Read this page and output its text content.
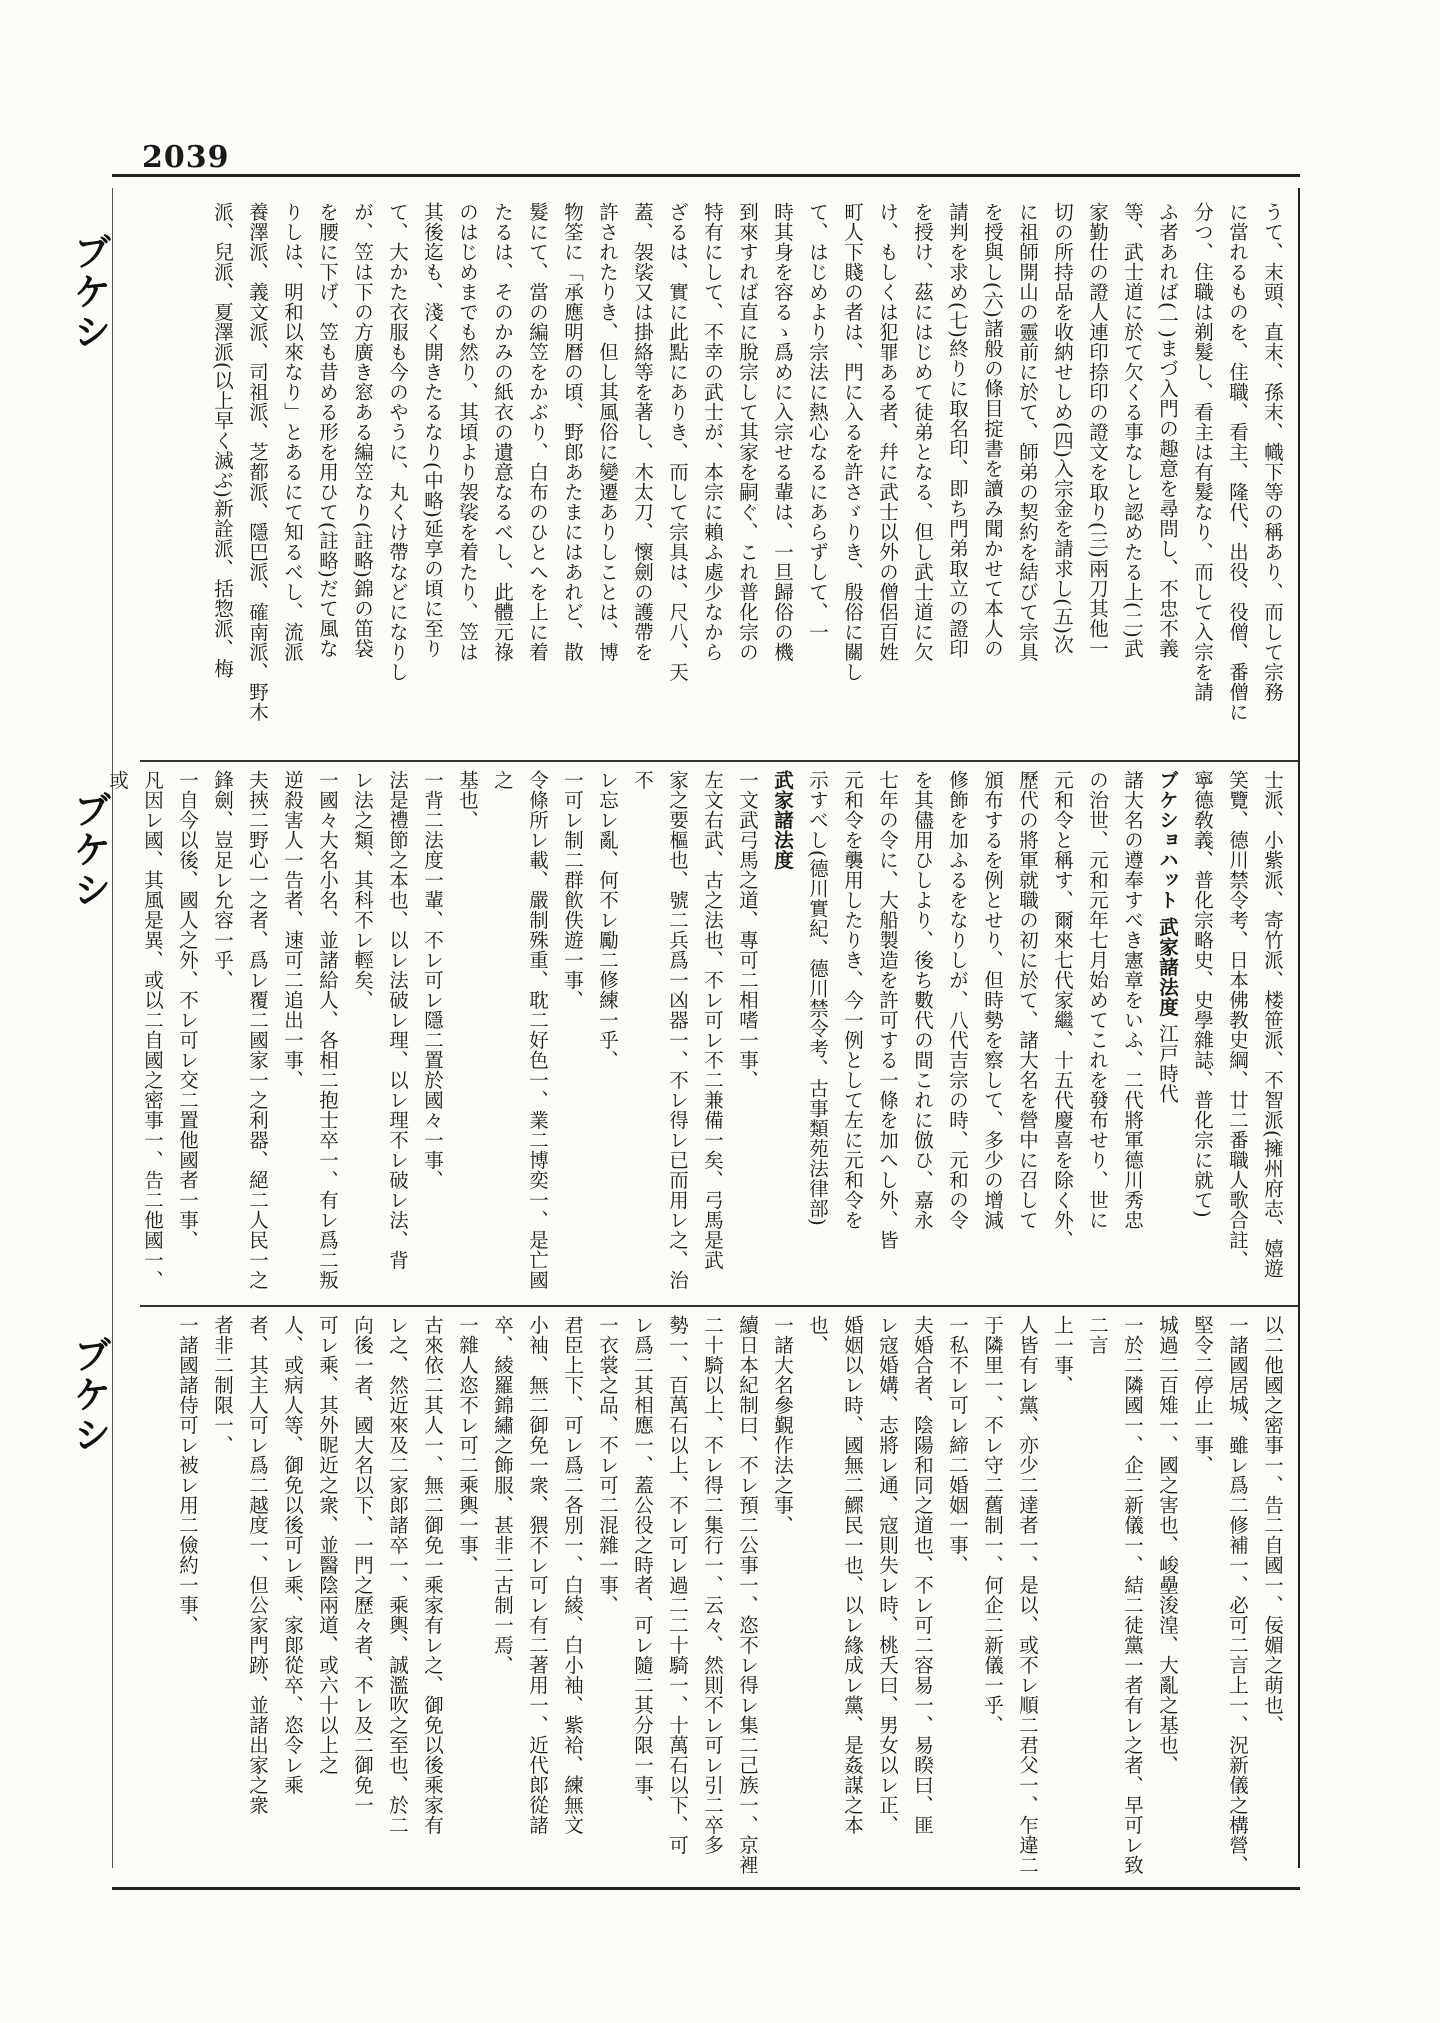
2039
ブケシ
ブケシ
ブケシ

うて、末頭、直末、孫末、幟下等の稱あり、而して宗務

に當れるものを、住職、看主、隆代、出役、役僧、番僧に

分つ、住職は剃髮し、看主は有髮なり、而して入宗を請

ふ者あれば(一)まづ入門の趣意を尋問し、不忠不義

等、武士道に於て欠くる事なしと認めたる上(二)武

家勤仕の證人連印捺印の證文を取り(三)兩刀其他一

切の所持品を收納せしめ(四)入宗金を請求し(五)次

に祖師開山の靈前に於て、師弟の契約を結びて宗具

を授與し(六)諸般の條目掟書を讀み聞かせて本人の

請判を求め(七)終りに取名印、即ち門弟取立の證印

を授け、茲にはじめて徒弟となる、但し武士道に欠

け、もしくは犯罪ある者、幷に武士以外の僧侶百姓

町人下賤の者は、門に入るを許さゞりき、殷俗に關し

て、はじめより宗法に熱心なるにあらずして、一

時其身を容るゝ爲めに入宗せる輩は、一旦歸俗の機

到來すれば直に脫宗して其家を嗣ぐ、これ普化宗の

特有にして、不幸の武士が、本宗に賴ふ處少なから

ざるは、實に此點にありき、而して宗具は、尺八、天

蓋、袈裟又は掛絡等を著し、木太刀、懷劍の護帶を

許されたりき、但し其風俗に變遷ありしことは、博

物筌に「承應明暦の頃、野郎あたまにはあれど、散

髮にて、當の編笠をかぶり、白布のひとへを上に着

たるは、そのかみの紙衣の遺意なるべし、此體元祿

のはじめまでも然り、其頃より袈裟を着たり、笠は

其後迄も、淺く開きたるなり(中略)延享の頃に至り

て、大かた衣服も今のやうに、丸くけ帶などになりし

が、笠は下の方廣き窓ある編笠なり(註略)錦の笛袋

を腰に下げ、笠も昔める形を用ひて(註略)だて風な

りしは、明和以來なり」とあるにて知るべし、流派

養澤派、義文派、司祖派、芝都派、隱巴派、確南派、野木

派、兒派、夏澤派(以上早く滅ぶ)新詮派、括惣派、梅

士派、小紫派、寄竹派、楼笹派、不智派(擁州府志、嬉遊

笑覽、德川禁令考、日本佛教史綱、廿二番職人歌合註、

寧德敎義、普化宗略史、史學雜誌、普化宗に就て)

ブケショハット 武家諸法度 江戸時代

諸大名の遵奉すべき憲章をいふ、二代將軍德川秀忠

の治世、元和元年七月始めてこれを發布せり、世に

元和令と稱す、爾來七代家繼、十五代慶喜を除く外、

歷代の將軍就職の初に於て、諸大名を營中に召して

頒布するを例とせり、但時勢を察して、多少の增減

修飾を加ふるをなりしが、八代吉宗の時、元和の令

を其儘用ひしより、後ち數代の間これに倣ひ、嘉永

七年の令に、大船製造を許可する一條を加へし外、皆

元和令を襲用したりき、今一例として左に元和令を

示すべし(德川實紀、德川禁令考、古事類苑法律部)

武家諸法度

一文武弓馬之道、專可二相嗜一事、

左文右武、古之法也、不レ可レ不二兼備一矣、弓馬是武

家之要樞也、號二兵爲一凶器一、不レ得レ已而用レ之、治不

レ忘レ亂、何不レ勵二修練一乎、

一可レ制二群飮佚遊一事、

令條所レ載、嚴制殊重、耽二好色一、業二博奕一、是亡國之

基也、

一背二法度一輩、不レ可レ隱二置於國々一事、

法是禮節之本也、以レ法破レ理、以レ理不レ破レ法、背

レ法之類、其科不レ輕矣、

一國々大名小名、並諸給人、各相二抱士卒一、有レ爲二叛

逆殺害人一告者、速可二追出一事、

夫挾二野心一之者、爲レ覆二國家一之利器、絕二人民一之

鋒劍、豈足レ允容一乎、

一自今以後、國人之外、不レ可レ交二置他國者一事、

凡因レ國、其風是異、或以二自國之密事一、告二他國一、或

以二他國之密事一、告二自國一、佞媚之萌也、

一諸國居城、雖レ爲二修補一、必可二言上一、況新儀之構營、

堅令二停止一事、

城過二百雉一、國之害也、峻壘浚湟、大亂之基也、

一於二隣國一、企二新儀一、結二徒黨一者有レ之者、早可レ致二言

上一事、

人皆有レ黨、亦少二達者一、是以、或不レ順二君父一、乍違二

于隣里一、不レ守二舊制一、何企二新儀一乎、

一私不レ可レ締二婚姻一事、

夫婚合者、陰陽和同之道也、不レ可二容易一、易睽曰、匪

レ寇婚媾、志將レ通、寇則失レ時、桃夭曰、男女以レ正、

婚姻以レ時、國無二鰥民一也、以レ緣成レ黨、是姦謀之本

也、

一諸大名參覲作法之事、

續日本紀制曰、不レ預二公事一、恣不レ得レ集二己族一、京裡

二十騎以上、不レ得二集行一、云々、然則不レ可レ引二卒多

勢一、百萬石以上、不レ可レ過二二十騎一、十萬石以下、可

レ爲二其相應一、蓋公役之時者、可レ隨二其分限一事、

一衣裳之品、不レ可二混雜一事、

君臣上下、可レ爲二各別一、白綾、白小袖、紫袷、練無文

小袖、無二御免一衆、猥不レ可レ有二著用一、近代郞從諸

卒、綾羅錦繡之飾服、甚非二古制一焉、

一雜人恣不レ可二乘輿一事、

古來依二其人一、無二御免一乘家有レ之、御免以後乘家有

レ之、然近來及二家郞諸卒一、乘輿、誠濫吹之至也、於二

向後一者、國大名以下、一門之歷々者、不レ及二御免一

可レ乘、其外昵近之衆、並醫陰兩道、或六十以上之

人、或病人等、御免以後可レ乘、家郞從卒、恣令レ乘

者、其主人可レ爲二越度一、但公家門跡、並諸出家之衆

者非二制限一、

一諸國諸侍可レ被レ用二儉約一事、
